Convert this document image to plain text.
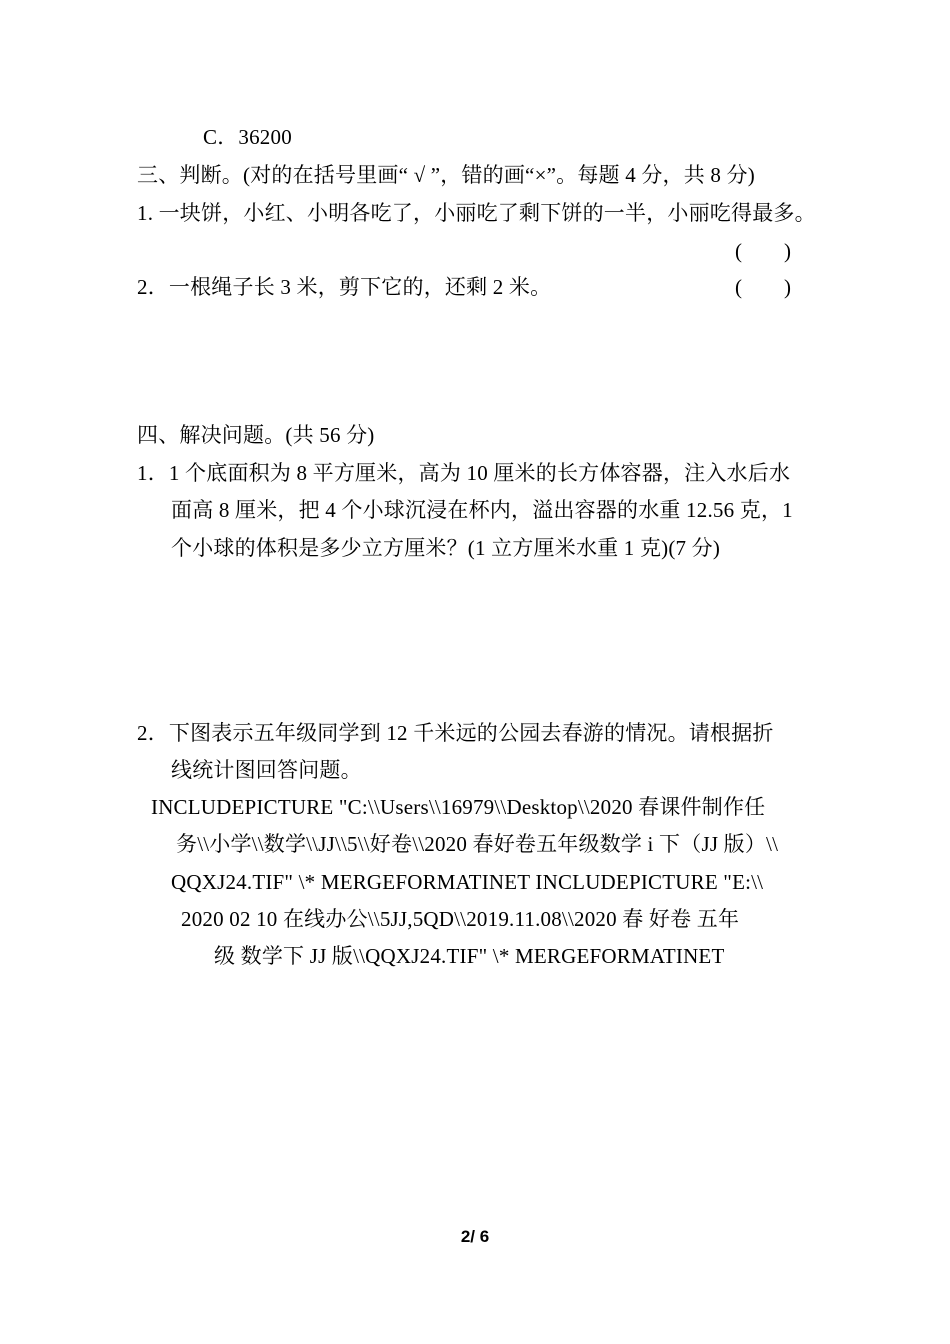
C．36200
三、判断。(对的在括号里画“ √ ”，错的画“×”。每题 4 分，共 8 分)
1. 一块饼，小红、小明各吃了，小丽吃了剩下饼的一半，小丽吃得最多。
(　　)
2．一根绳子长 3 米，剪下它的，还剩 2 米。	(　　)
四、解决问题。(共 56 分)
1．1 个底面积为 8 平方厘米，高为 10 厘米的长方体容器，注入水后水
面高 8 厘米，把 4 个小球沉浸在杯内，溢出容器的水重 12.56 克，1
个小球的体积是多少立方厘米？(1 立方厘米水重 1 克)(7 分)
2．下图表示五年级同学到 12 千米远的公园去春游的情况。请根据折
线统计图回答问题。
INCLUDEPICTURE "C:\\Users\\16979\\Desktop\\2020 春课件制作任
务\\小学\\数学\\JJ\\5\\好卷\\2020 春好卷五年级数学 i 下（JJ 版）\\
QQXJ24.TIF" \* MERGEFORMATINET INCLUDEPICTURE "E:\\
2020 02 10 在线办公\\5JJ,5QD\\2019.11.08\\2020 春 好卷 五年
级 数学下 JJ 版\\QQXJ24.TIF" \* MERGEFORMATINET
2/ 6
